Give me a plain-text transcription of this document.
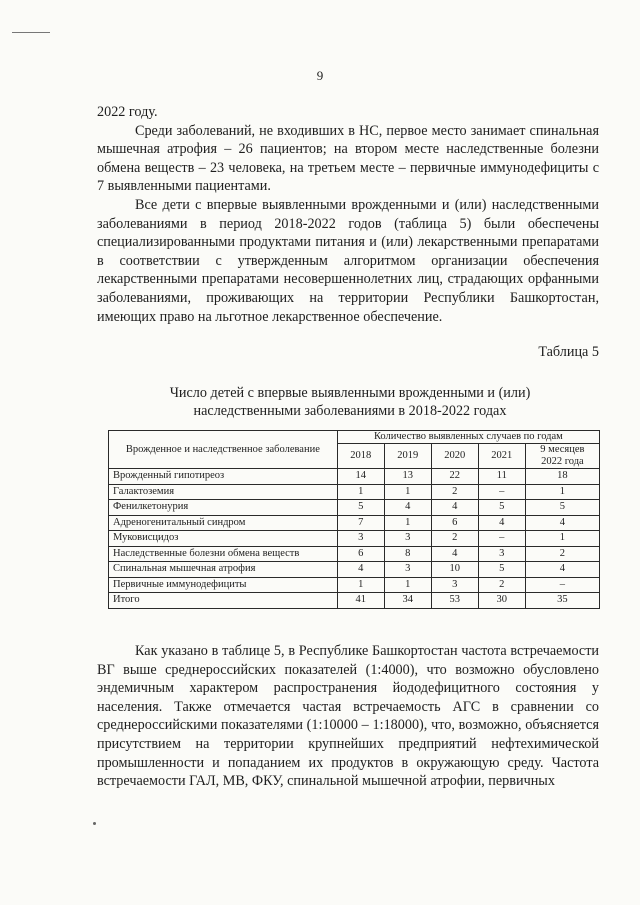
9

2022 году.

Среди заболеваний, не входивших в НС, первое место занимает спинальная мышечная атрофия – 26 пациентов; на втором месте наследственные болезни обмена веществ – 23 человека, на третьем месте – первичные иммунодефициты с 7 выявленными пациентами.

Все дети с впервые выявленными врожденными и (или) наследственными заболеваниями в период 2018-2022 годов (таблица 5) были обеспечены специализированными продуктами питания и (или) лекарственными препаратами в соответствии с утвержденным алгоритмом организации обеспечения лекарственными препаратами несовершеннолетних лиц, страдающих орфанными заболеваниями, проживающих на территории Республики Башкортостан, имеющих право на льготное лекарственное обеспечение.

Таблица 5
Число детей с впервые выявленными врожденными и (или)
наследственными заболеваниями в 2018-2022 годах
Врожденное и наследственное заболевание	Количество выявленных случаев по годам				
	2018	2019	2020	2021	9 месяцев 2022 года
Врожденный гипотиреоз	14	13	22	11	18
Галактоземия	1	1	2	–	1
Фенилкетонурия	5	4	4	5	5
Адреногенитальный синдром	7	1	6	4	4
Муковисцидоз	3	3	2	–	1
Наследственные болезни обмена веществ	6	8	4	3	2
Спинальная мышечная атрофия	4	3	10	5	4
Первичные иммунодефициты	1	1	3	2	–
Итого	41	34	53	30	35

Как указано в таблице 5, в Республике Башкортостан частота встречаемости ВГ выше среднероссийских показателей (1:4000), что возможно обусловлено эндемичным характером распространения йододефицитного состояния у населения. Также отмечается частая встречаемость АГС в сравнении со среднероссийскими показателями (1:10000 – 1:18000), что, возможно, объясняется присутствием на территории крупнейших предприятий нефтехимической промышленности и попаданием их продуктов в окружающую среду. Частота встречаемости ГАЛ, МВ, ФКУ, спинальной мышечной атрофии, первичных
